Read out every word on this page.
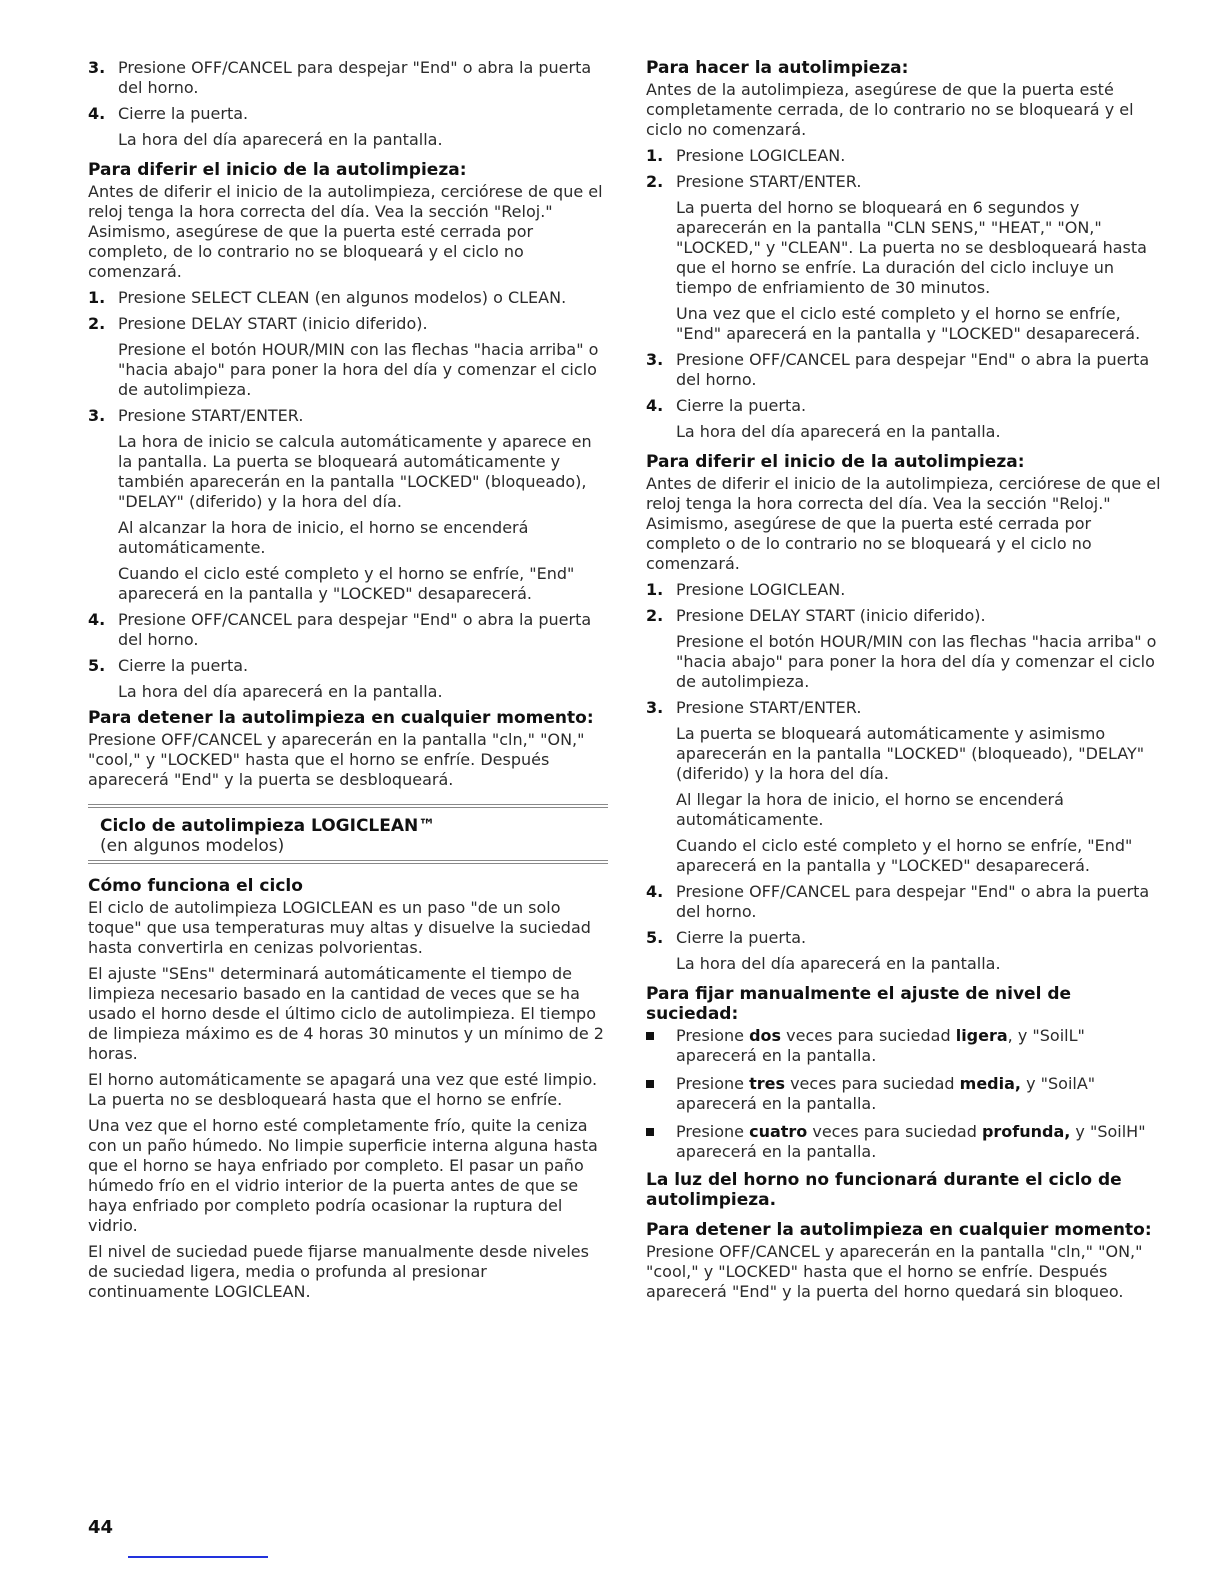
3. Presione OFF/CANCEL para despejar "End" o abra la puerta del horno.
4. Cierre la puerta.

La hora del día aparecerá en la pantalla.

Para diferir el inicio de la autolimpieza:

Antes de diferir el inicio de la autolimpieza, cerciórese de que el reloj tenga la hora correcta del día. Vea la sección "Reloj." Asimismo, asegúrese de que la puerta esté cerrada por completo, de lo contrario no se bloqueará y el ciclo no comenzará.

1. Presione SELECT CLEAN (en algunos modelos) o CLEAN.
2. Presione DELAY START (inicio diferido).

Presione el botón HOUR/MIN con las flechas "hacia arriba" o "hacia abajo" para poner la hora del día y comenzar el ciclo de autolimpieza.

3. Presione START/ENTER.

La hora de inicio se calcula automáticamente y aparece en la pantalla. La puerta se bloqueará automáticamente y también aparecerán en la pantalla "LOCKED" (bloqueado), "DELAY" (diferido) y la hora del día.

Al alcanzar la hora de inicio, el horno se encenderá automáticamente.

Cuando el ciclo esté completo y el horno se enfríe, "End" aparecerá en la pantalla y "LOCKED" desaparecerá.

4. Presione OFF/CANCEL para despejar "End" o abra la puerta del horno.
5. Cierre la puerta.

La hora del día aparecerá en la pantalla.

Para detener la autolimpieza en cualquier momento:

Presione OFF/CANCEL y aparecerán en la pantalla "cln," "ON," "cool," y "LOCKED" hasta que el horno se enfríe. Después aparecerá "End" y la puerta se desbloqueará.

Ciclo de autolimpieza LOGICLEAN™
(en algunos modelos)

Cómo funciona el ciclo

El ciclo de autolimpieza LOGICLEAN es un paso "de un solo toque" que usa temperaturas muy altas y disuelve la suciedad hasta convertirla en cenizas polvorientas.

El ajuste "SEns" determinará automáticamente el tiempo de limpieza necesario basado en la cantidad de veces que se ha usado el horno desde el último ciclo de autolimpieza. El tiempo de limpieza máximo es de 4 horas 30 minutos y un mínimo de 2 horas.

El horno automáticamente se apagará una vez que esté limpio. La puerta no se desbloqueará hasta que el horno se enfríe.

Una vez que el horno esté completamente frío, quite la ceniza con un paño húmedo. No limpie superficie interna alguna hasta que el horno se haya enfriado por completo. El pasar un paño húmedo frío en el vidrio interior de la puerta antes de que se haya enfriado por completo podría ocasionar la ruptura del vidrio.

El nivel de suciedad puede fijarse manualmente desde niveles de suciedad ligera, media o profunda al presionar continuamente LOGICLEAN.

Para hacer la autolimpieza:

Antes de la autolimpieza, asegúrese de que la puerta esté completamente cerrada, de lo contrario no se bloqueará y el ciclo no comenzará.

1. Presione LOGICLEAN.
2. Presione START/ENTER.

La puerta del horno se bloqueará en 6 segundos y aparecerán en la pantalla "CLN SENS," "HEAT," "ON," "LOCKED," y "CLEAN". La puerta no se desbloqueará hasta que el horno se enfríe. La duración del ciclo incluye un tiempo de enfriamiento de 30 minutos.

Una vez que el ciclo esté completo y el horno se enfríe, "End" aparecerá en la pantalla y "LOCKED" desaparecerá.

3. Presione OFF/CANCEL para despejar "End" o abra la puerta del horno.
4. Cierre la puerta.

La hora del día aparecerá en la pantalla.

Para diferir el inicio de la autolimpieza:

Antes de diferir el inicio de la autolimpieza, cerciórese de que el reloj tenga la hora correcta del día. Vea la sección "Reloj." Asimismo, asegúrese de que la puerta esté cerrada por completo o de lo contrario no se bloqueará y el ciclo no comenzará.

1. Presione LOGICLEAN.
2. Presione DELAY START (inicio diferido).

Presione el botón HOUR/MIN con las flechas "hacia arriba" o "hacia abajo" para poner la hora del día y comenzar el ciclo de autolimpieza.

3. Presione START/ENTER.

La puerta se bloqueará automáticamente y asimismo aparecerán en la pantalla "LOCKED" (bloqueado), "DELAY" (diferido) y la hora del día.

Al llegar la hora de inicio, el horno se encenderá automáticamente.

Cuando el ciclo esté completo y el horno se enfríe, "End" aparecerá en la pantalla y "LOCKED" desaparecerá.

4. Presione OFF/CANCEL para despejar "End" o abra la puerta del horno.
5. Cierre la puerta.

La hora del día aparecerá en la pantalla.

Para fijar manualmente el ajuste de nivel de suciedad:

Presione dos veces para suciedad ligera, y "SoilL" aparecerá en la pantalla.
Presione tres veces para suciedad media, y "SoilA" aparecerá en la pantalla.
Presione cuatro veces para suciedad profunda, y "SoilH" aparecerá en la pantalla.

La luz del horno no funcionará durante el ciclo de autolimpieza.

Para detener la autolimpieza en cualquier momento:

Presione OFF/CANCEL y aparecerán en la pantalla "cln," "ON," "cool," y "LOCKED" hasta que el horno se enfríe. Después aparecerá "End" y la puerta del horno quedará sin bloqueo.

44
